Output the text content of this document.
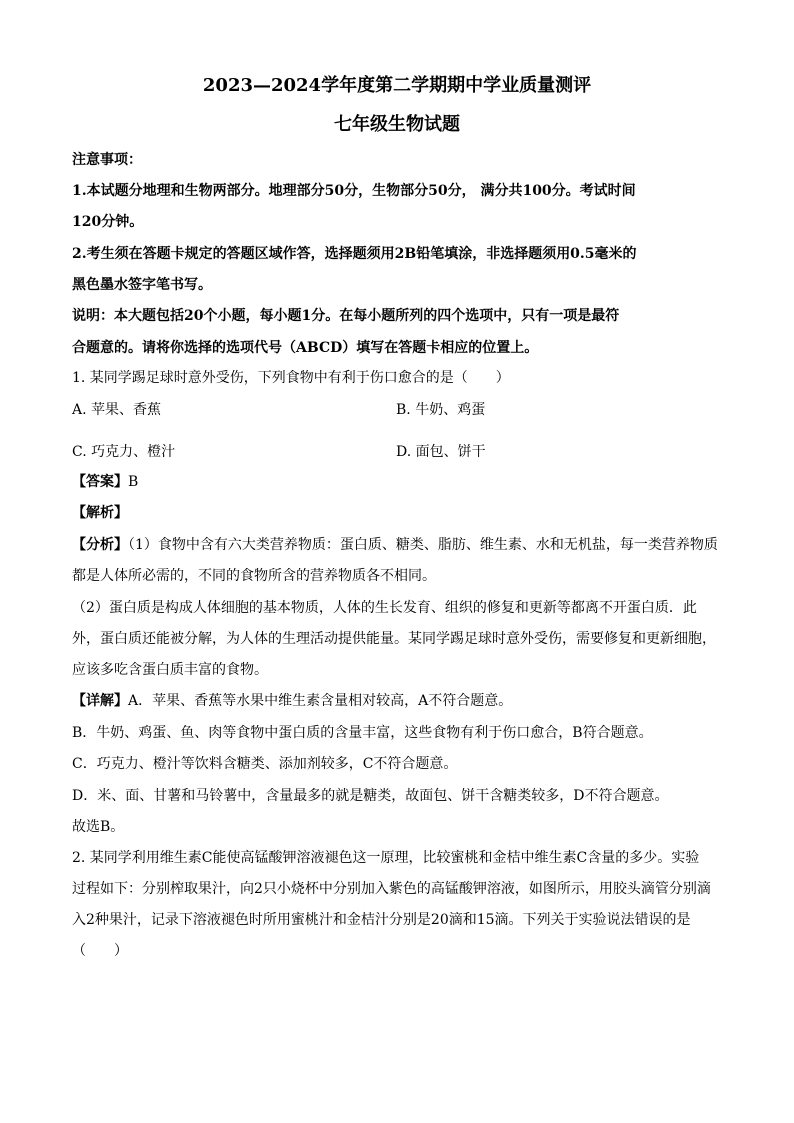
2023—2024学年度第二学期期中学业质量测评
七年级生物试题
注意事项：
1.本试题分地理和生物两部分。地理部分50分，生物部分50分， 满分共100分。考试时间
120分钟。
2.考生须在答题卡规定的答题区域作答，选择题须用2B铅笔填涂，非选择题须用0.5毫米的
黑色墨水签字笔书写。
说明：本大题包括20个小题，每小题1分。在每小题所列的四个选项中，只有一项是最符
合题意的。请将你选择的选项代号（ABCD）填写在答题卡相应的位置上。
1. 某同学踢足球时意外受伤，下列食物中有利于伤口愈合的是（　　）
A. 苹果、香蕉	B. 牛奶、鸡蛋
C. 巧克力、橙汁	D. 面包、饼干
【答案】B
【解析】
【分析】（1）食物中含有六大类营养物质：蛋白质、糖类、脂肪、维生素、水和无机盐，每一类营养物质
都是人体所必需的，不同的食物所含的营养物质各不相同。
（2）蛋白质是构成人体细胞的基本物质，人体的生长发育、组织的修复和更新等都离不开蛋白质．此
外，蛋白质还能被分解，为人体的生理活动提供能量。某同学踢足球时意外受伤，需要修复和更新细胞，
应该多吃含蛋白质丰富的食物。
【详解】A．苹果、香蕉等水果中维生素含量相对较高，A不符合题意。
B．牛奶、鸡蛋、鱼、肉等食物中蛋白质的含量丰富，这些食物有利于伤口愈合，B符合题意。
C．巧克力、橙汁等饮料含糖类、添加剂较多，C不符合题意。
D．米、面、甘薯和马铃薯中，含量最多的就是糖类，故面包、饼干含糖类较多，D不符合题意。
故选B。
2. 某同学利用维生素C能使高锰酸钾溶液褪色这一原理，比较蜜桃和金桔中维生素C含量的多少。实验
过程如下：分别榨取果汁，向2只小烧杯中分别加入紫色的高锰酸钾溶液，如图所示，用胶头滴管分别滴
入2种果汁，记录下溶液褪色时所用蜜桃汁和金桔汁分别是20滴和15滴。下列关于实验说法错误的是
（　　）
